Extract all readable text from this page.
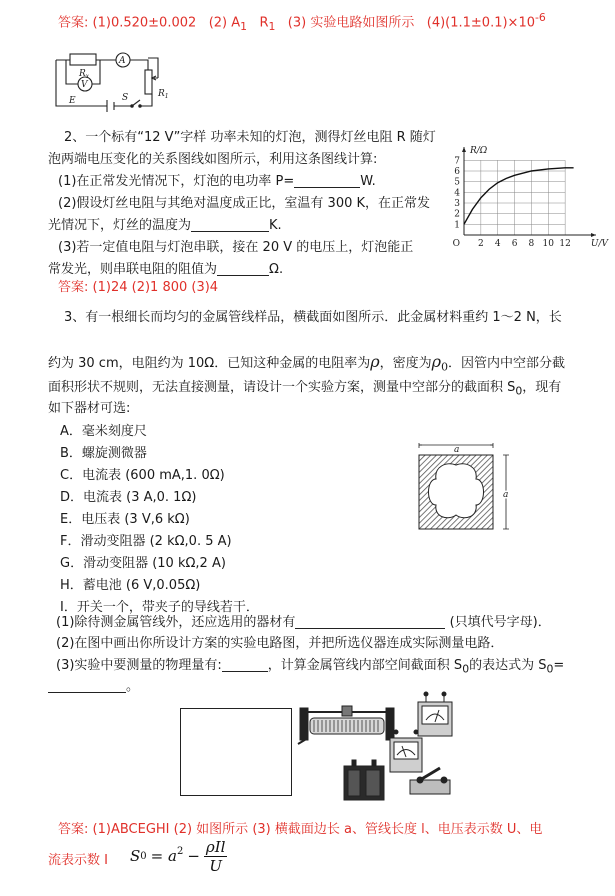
答案: (1)0.520±0.002 (2) $A_1$ $R_1$ (3) 实验电路如图所示 $(4)(1.1\pm 0.1)\times 10^{-6}$
$R_x$
A
V
$R_1$
E	S
2、一个标有“12 V”字样 功率未知的灯泡，测得灯丝电阻 R 随灯
泡两端电压变化的关系图线如图所示，利用这条图线计算:
(1)在正常发光情况下，灯泡的电功率 P=	W.
(2)假设灯丝电阻与其绝对温度成正比，室温有 300 K，在正常发
光情况下，灯丝的温度为	K.
(3)若一定值电阻与灯泡串联，接在 20 V 的电压上，灯泡能正
常发光，则串联电阻的阻值为	Ω.
答案: (1)24 (2)1 800 (3)4
2 4 6 8 10 12
1
2
3
4
5
6
7
O
R/Ω
U/V
3、有一根细长而均匀的金属管线样品，横截面如图所示．此金属材料重约 1～2 N，长
约为 30 cm，电阻约为 10Ω．已知这种金属的电阻率为ρ，密度为$\rho_0$．因管内中空部分截
面积形状不规则，无法直接测量，请设计一个实验方案，测量中空部分的截面积 $S_0$，现有
如下器材可选:
A．毫米刻度尺
B．螺旋测微器
C．电流表 (600 mA,1. 0Ω)
D．电流表 (3 A,0. 1Ω)
E．电压表 (3 V,6 kΩ)
F．滑动变阻器 (2 kΩ,0. 5 A)
G．滑动变阻器 (10 kΩ,2 A)
H．蓄电池 (6 V,0.05Ω)
I．开关一个，带夹子的导线若干．
a
a
(1)除待测金属管线外，还应选用的器材有	(只填代号字母)．
(2)在图中画出你所设计方案的实验电路图，并把所选仪器连成实际测量电路．
(3)实验中要测量的物理量有:	，计算金属管线内部空间截面积 $S_0$的表达式为 $S_0=$
。
答案: (1)ABCEGHI (2) 如图所示 (3) 横截面边长 a、管线长度 l、电压表示数 U、电
流表示数 I S $0 = a^2$ −
ρIl
U
